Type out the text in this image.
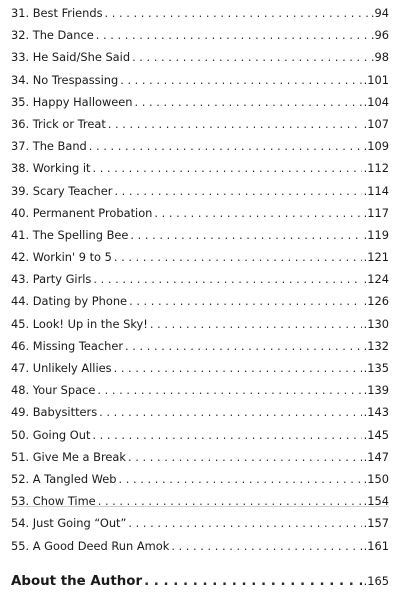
31. Best Friends . . .	.94
32. The Dance . . .	.96
33. He Said/She Said . . .	.98
34. No Trespassing . . .	.101
35. Happy Halloween . . .	.104
36. Trick or Treat . . .	.107
37. The Band . . .	.109
38. Working it . . .	.112
39. Scary Teacher . . .	.114
40. Permanent Probation . . .	.117
41. The Spelling Bee . . .	.119
42. Workin' 9 to 5 . . .	.121
43. Party Girls . . .	.124
44. Dating by Phone . . .	.126
45. Look! Up in the Sky! . . .	.130
46. Missing Teacher . . .	.132
47. Unlikely Allies . . .	.135
48. Your Space . . .	.139
49. Babysitters . . .	.143
50. Going Out . . .	.145
51. Give Me a Break . . .	.147
52. A Tangled Web . . .	.150
53. Chow Time . . .	.154
54. Just Going “Out” . . .	.157
55. A Good Deed Run Amok . . .	.161
About the Author . . .	.165
